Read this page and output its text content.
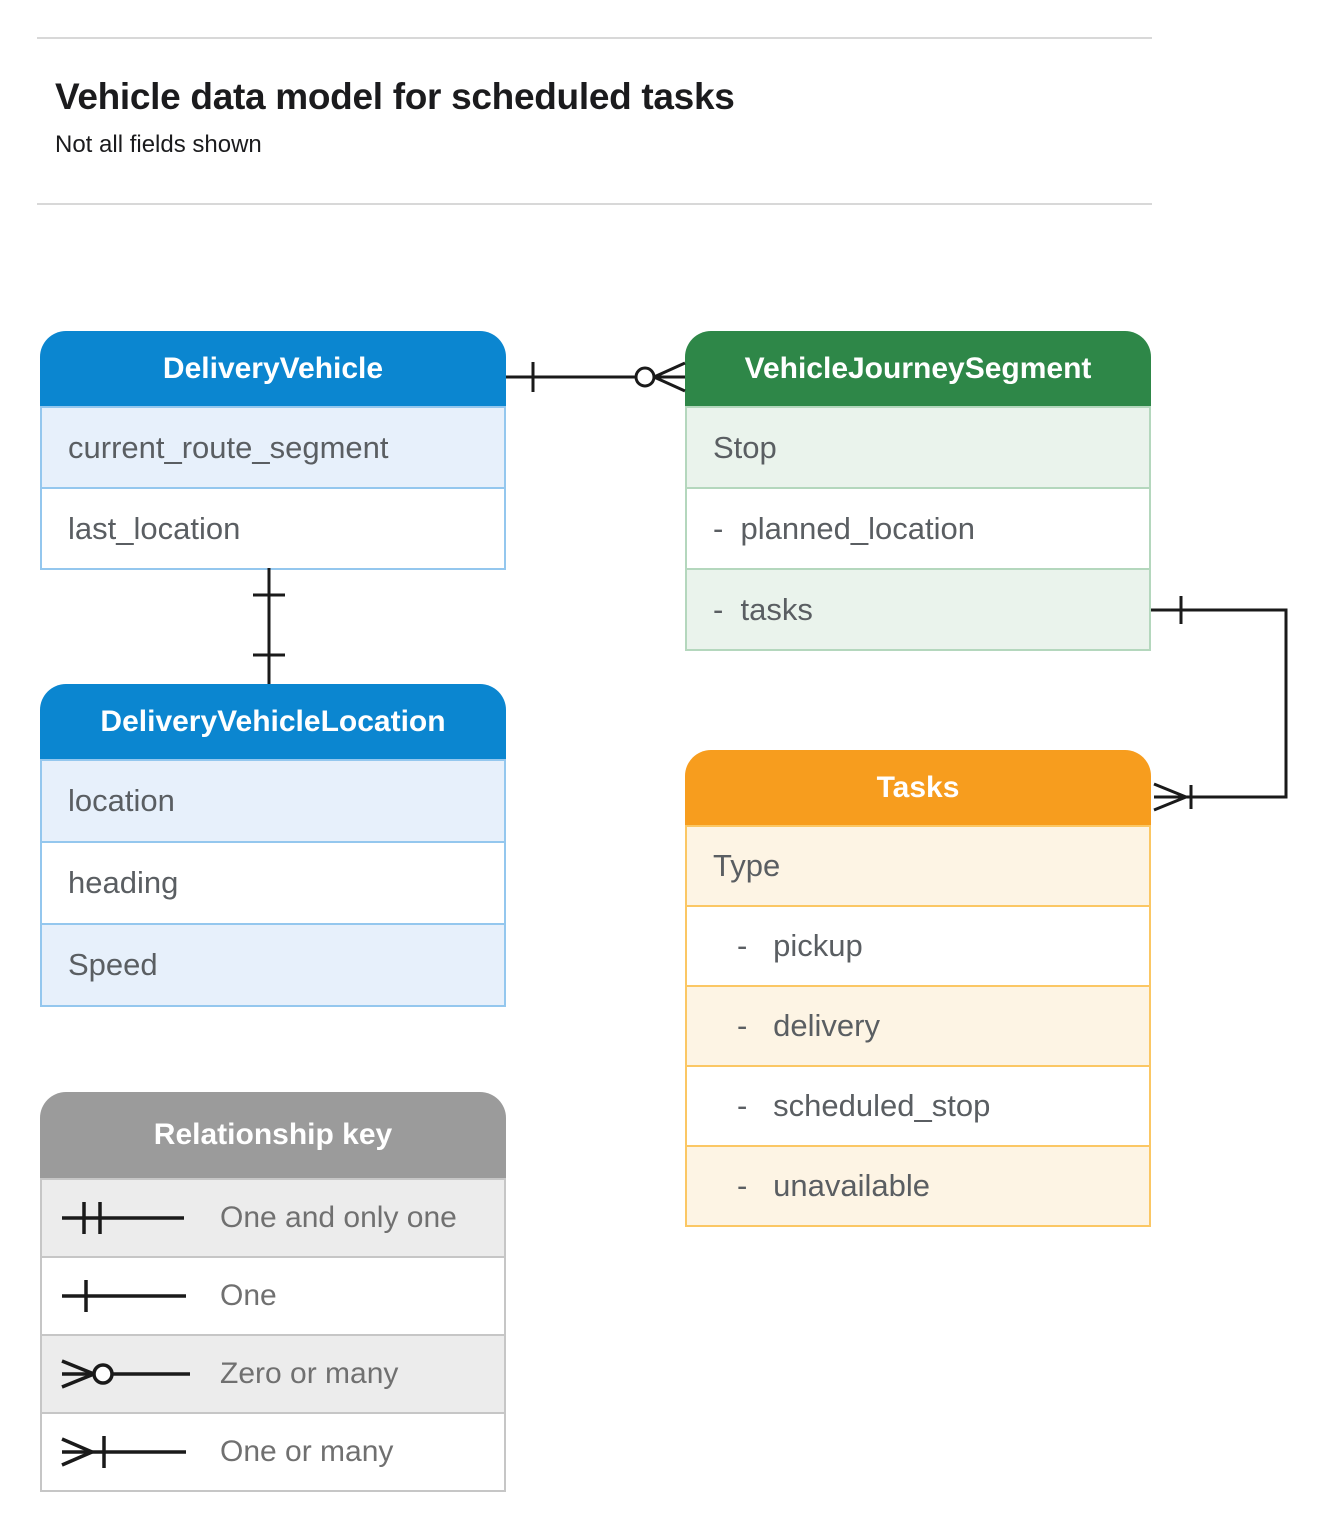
Vehicle data model for scheduled tasks
Not all fields shown
DeliveryVehicle
current_route_segment
last_location
VehicleJourneySegment
Stop
-  planned_location
-  tasks
DeliveryVehicleLocation
location
heading
Speed
Tasks
Type
-   pickup
-   delivery
-   scheduled_stop
-   unavailable
Relationship key
One and only one
One
Zero or many
One or many
